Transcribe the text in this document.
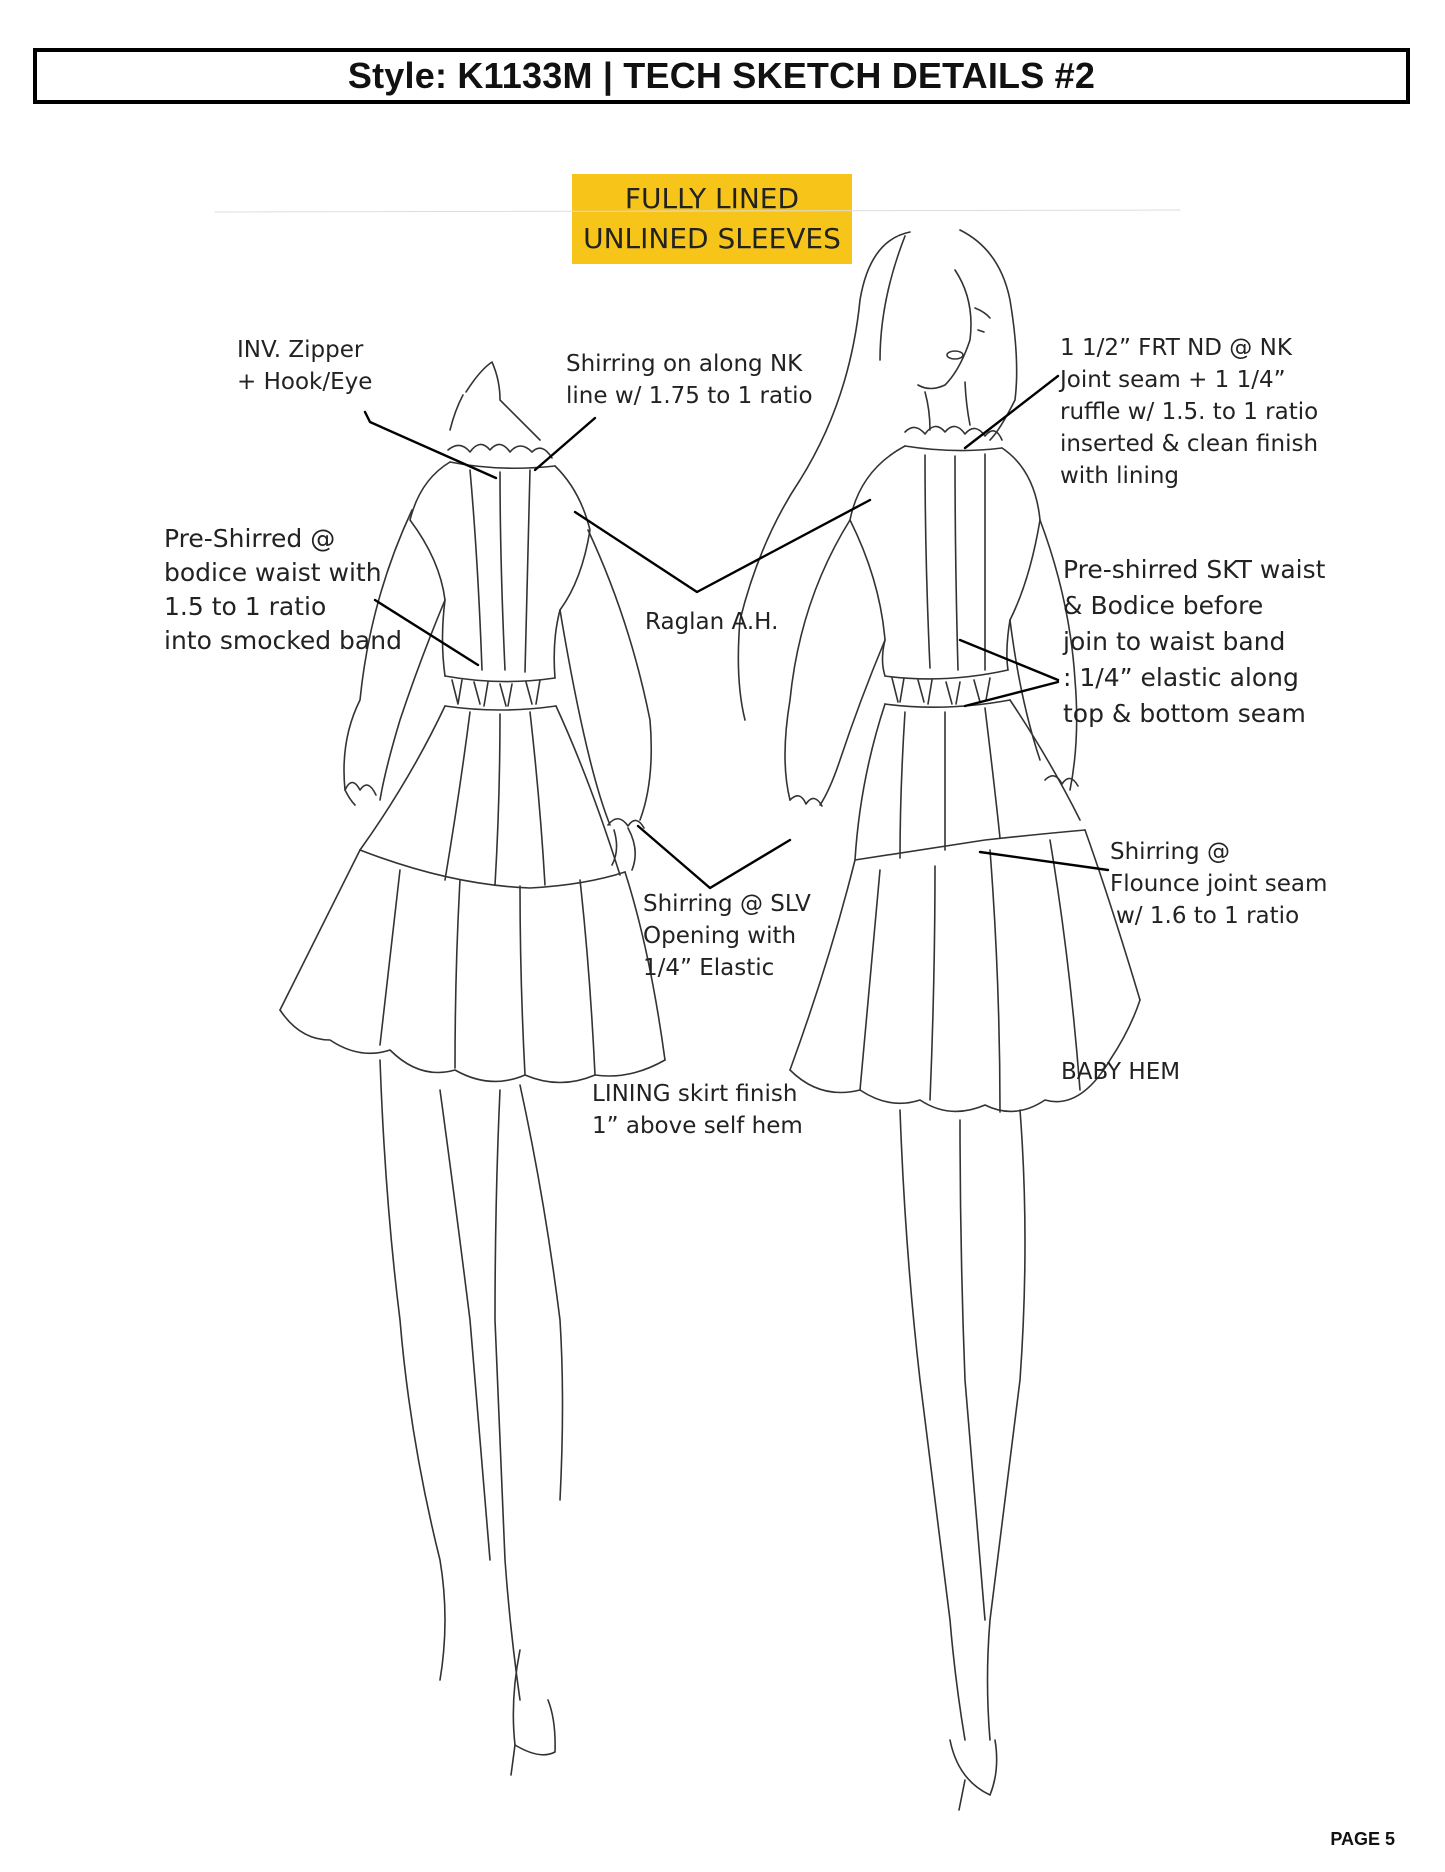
Style: K1133M | TECH SKETCH DETAILS #2
FULLY LINED
UNLINED SLEEVES
INV. Zipper
+ Hook/Eye
Shirring on along NK
line w/ 1.75 to 1 ratio
1 1/2” FRT ND @ NK
Joint seam + 1 1/4”
ruffle w/ 1.5. to 1 ratio
inserted & clean finish
with lining
Pre-Shirred @
bodice waist with
1.5 to 1 ratio
into smocked band
Raglan A.H.
Pre-shirred SKT waist
& Bodice before
join to waist band
: 1/4” elastic along
top & bottom seam
Shirring @ SLV
Opening with
1/4” Elastic
Shirring @
Flounce joint seam
w/ 1.6 to 1 ratio
LINING skirt finish
1” above self hem
BABY HEM
PAGE 5
